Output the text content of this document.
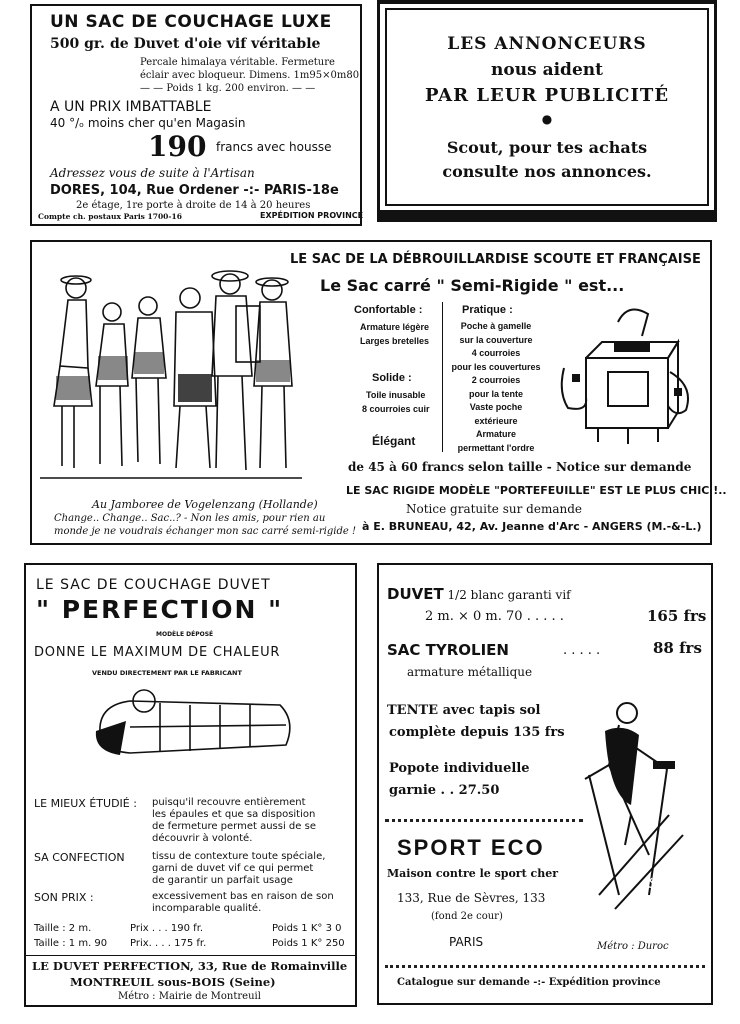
UN SAC DE COUCHAGE LUXE
500 gr. de Duvet d'oie vif véritable
Percale himalaya véritable. Fermeture
éclair avec bloqueur. Dimens. 1m95×0m80.
— — Poids 1 kg. 200 environ. — —
A UN PRIX IMBATTABLE
40 °/ₒ moins cher qu'en Magasin
190 francs avec housse
Adressez vous de suite à l'Artisan
DORES, 104, Rue Ordener -:- PARIS-18e
2e étage, 1re porte à droite de 14 à 20 heures
Compte ch. postaux Paris 1700-16	EXPÉDITION PROVINCE
LES ANNONCEURS
nous aident
PAR LEUR PUBLICITÉ
●
Scout, pour tes achats
consulte nos annonces.
Au Jamboree de Vogelenzang (Hollande)
Change.. Change.. Sac..? - Non les amis, pour rien au
monde je ne voudrais échanger mon sac carré semi-rigide !
LE SAC DE LA DÉBROUILLARDISE SCOUTE ET FRANÇAISE
Le Sac carré " Semi-Rigide " est...
Confortable :
Armature légère
Larges bretelles
Solide :
Toile inusable
8 courroies cuir
Élégant
Pratique :
Poche à gamelle
sur la couverture
4 courroies
pour les couvertures
2 courroies
pour la tente
Vaste poche
extérieure
Armature
permettant l'ordre
de 45 à 60 francs selon taille - Notice sur demande
LE SAC RIGIDE MODÈLE "PORTEFEUILLE" EST LE PLUS CHIC !..
Notice gratuite sur demande
à E. BRUNEAU, 42, Av. Jeanne d'Arc - ANGERS (M.-&-L.)
LE SAC DE COUCHAGE DUVET
" PERFECTION "
MODÈLE DÉPOSÉ
DONNE LE MAXIMUM DE CHALEUR
VENDU DIRECTEMENT PAR LE FABRICANT
LE MIEUX ÉTUDIÉ : puisqu'il recouvre entièrement
les épaules et que sa disposition
de fermeture permet aussi de se
découvrir à volonté.
SA CONFECTION	tissu de contexture toute spéciale,
garni de duvet vif ce qui permet
de garantir un parfait usage
SON PRIX :	excessivement bas en raison de son
incomparable qualité.
Taille : 2 m.	Prix . . . 190 fr.	Poids 1 K° 3 0
Taille : 1 m. 90 Prix. . . . 175 fr.	Poids 1 K° 250
LE DUVET PERFECTION, 33, Rue de Romainville
MONTREUIL sous-BOIS (Seine)
Métro : Mairie de Montreuil
DUVET 1/2 blanc garanti vif
2 m. × 0 m. 70 . . . . .	165 frs
SAC TYROLIEN	. . . . .	88 frs
armature métallique
TENTE avec tapis sol
complète depuis 135 frs
Popote individuelle
garnie . . 27.50
SPORT ECO
Maison contre le sport cher
133, Rue de Sèvres, 133
(fond 2e cour)
PARIS
SPORT-ECO
Métro : Duroc
Catalogue sur demande -:- Expédition province
